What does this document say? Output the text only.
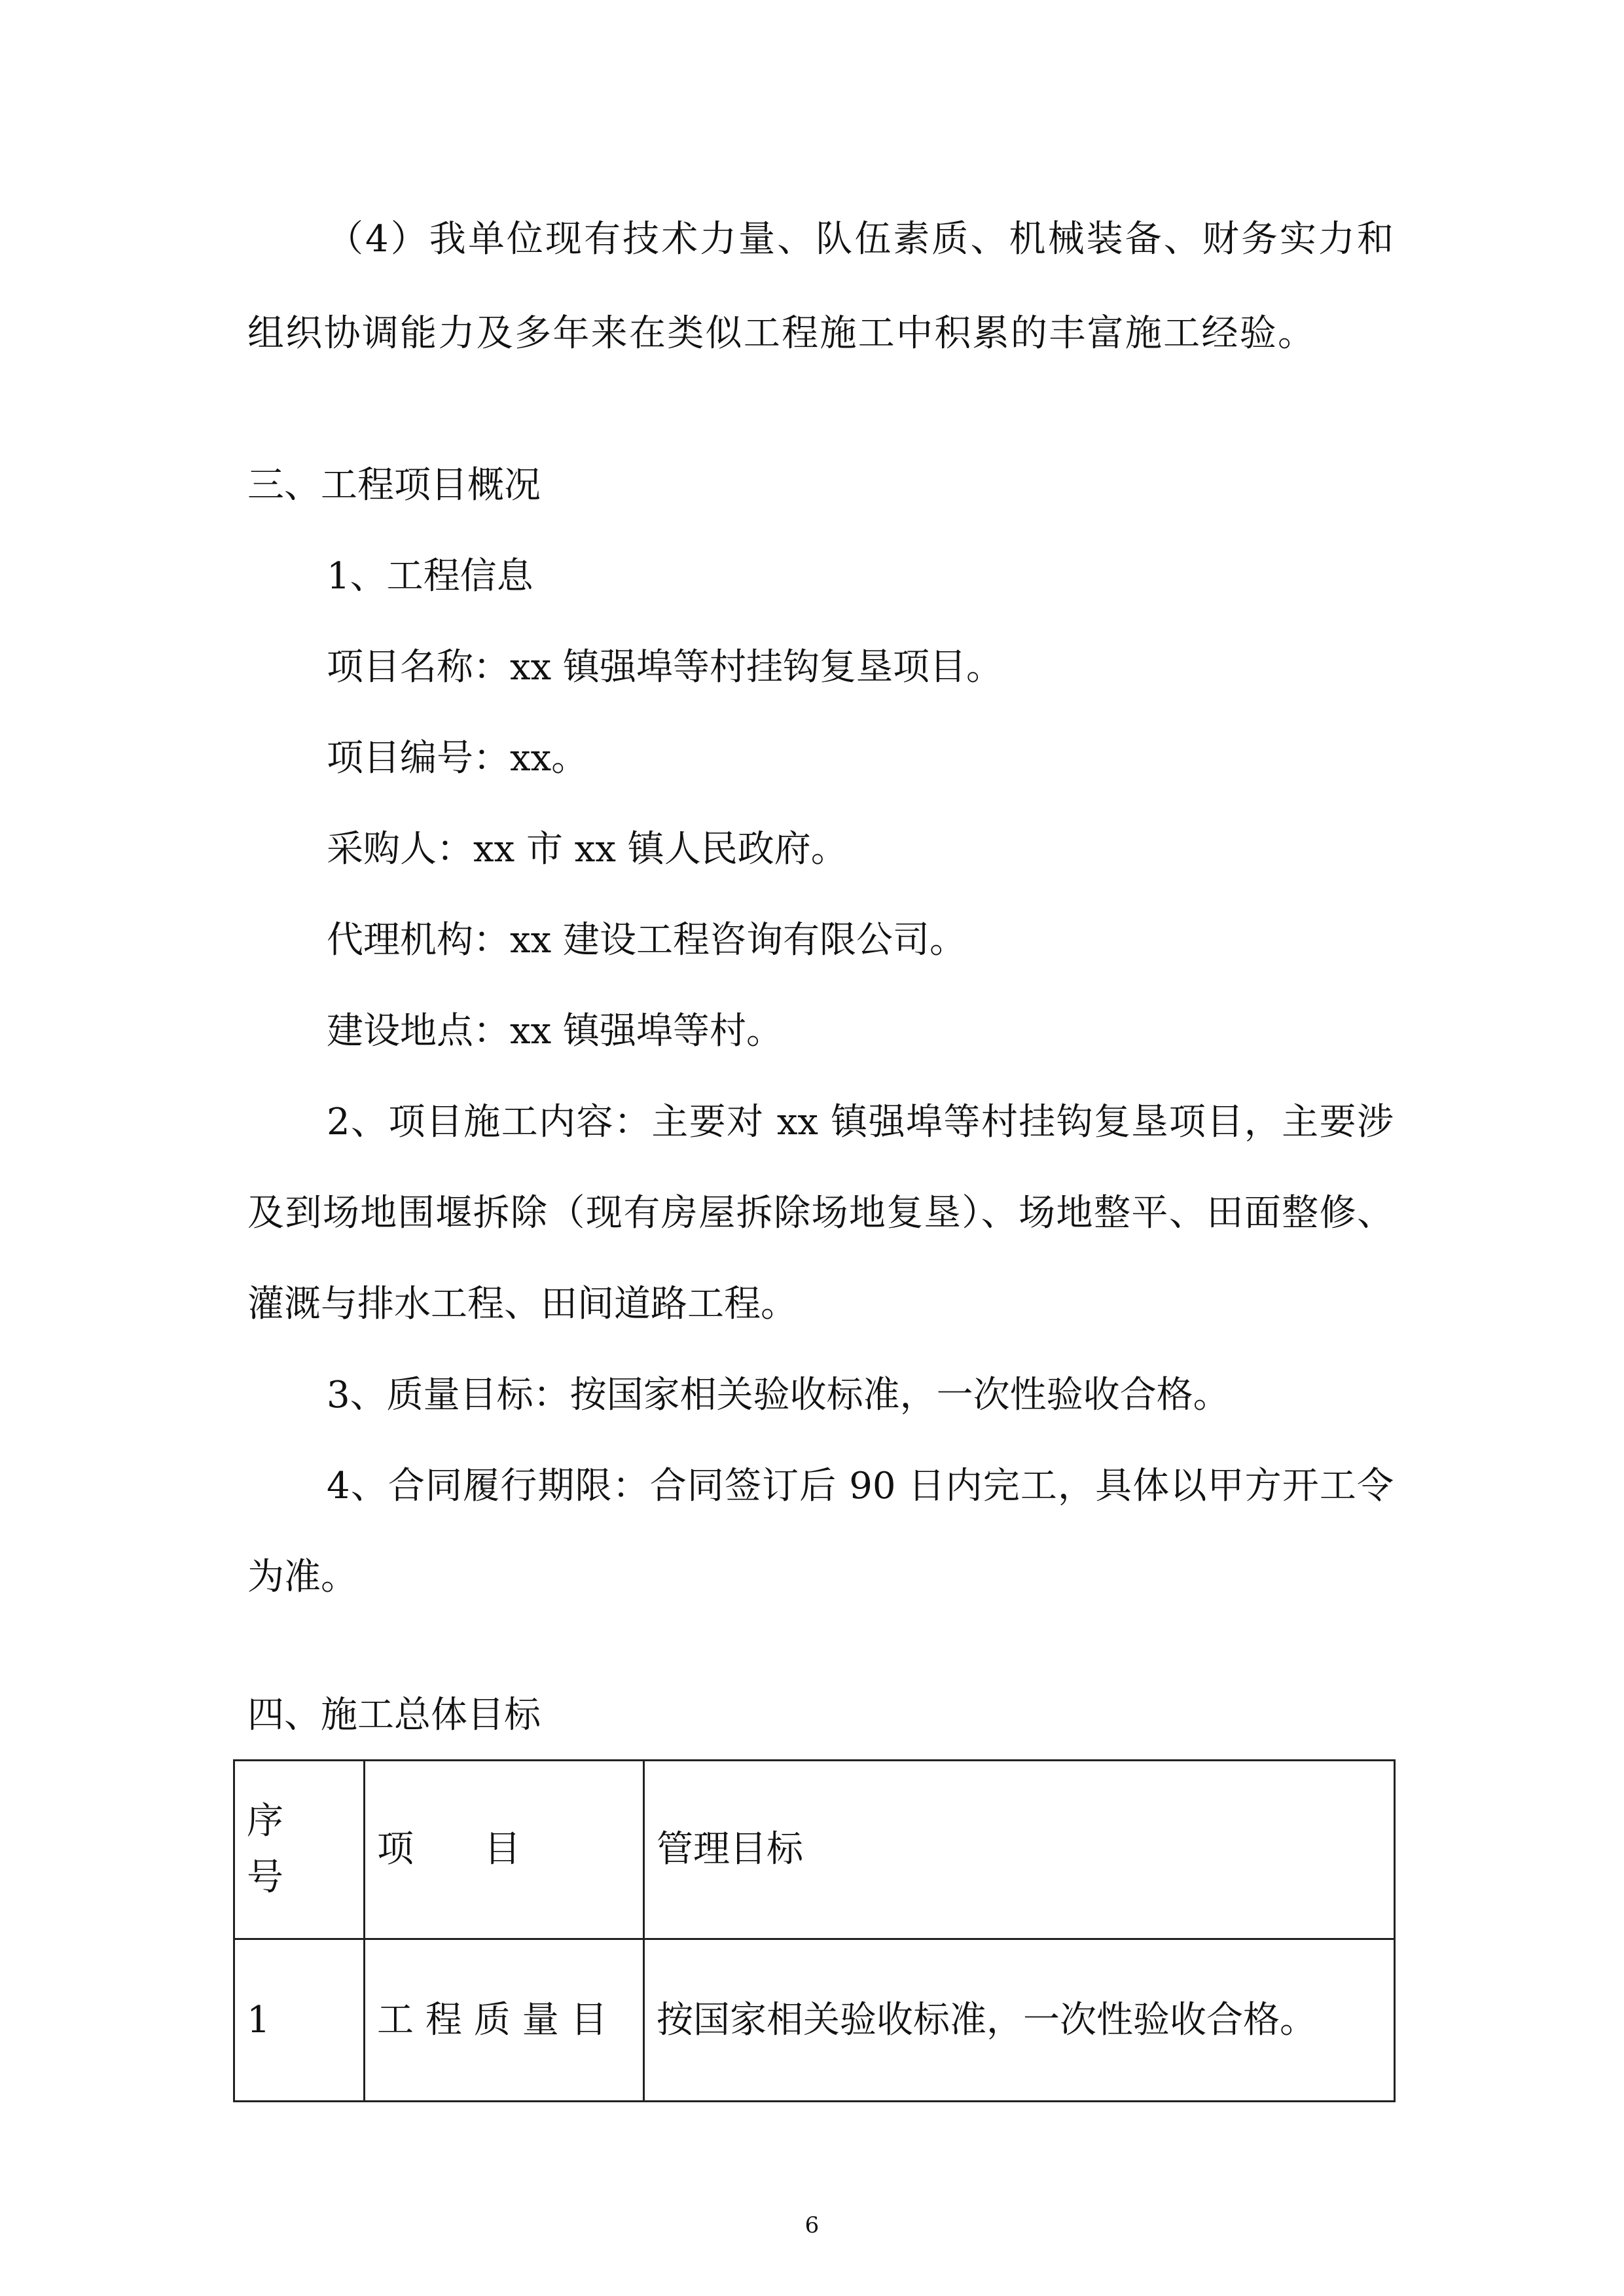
（4）我单位现有技术力量、队伍素质、机械装备、财务实力和

组织协调能力及多年来在类似工程施工中积累的丰富施工经验。

三、工程项目概况

1、工程信息

项目名称：xx 镇强埠等村挂钩复垦项目。

项目编号：xx。

采购人：xx 市 xx 镇人民政府。

代理机构：xx 建设工程咨询有限公司。

建设地点：xx 镇强埠等村。

2、项目施工内容：主要对 xx 镇强埠等村挂钩复垦项目，主要涉

及到场地围堰拆除（现有房屋拆除场地复垦）、场地整平、田面整修、

灌溉与排水工程、田间道路工程。

3、质量目标：按国家相关验收标准，一次性验收合格。

4、合同履行期限：合同签订后 90 日内完工，具体以甲方开工令

为准。

四、施工总体目标

序号	项 目	管理目标
1	工程质量目	按国家相关验收标准，一次性验收合格。

6
